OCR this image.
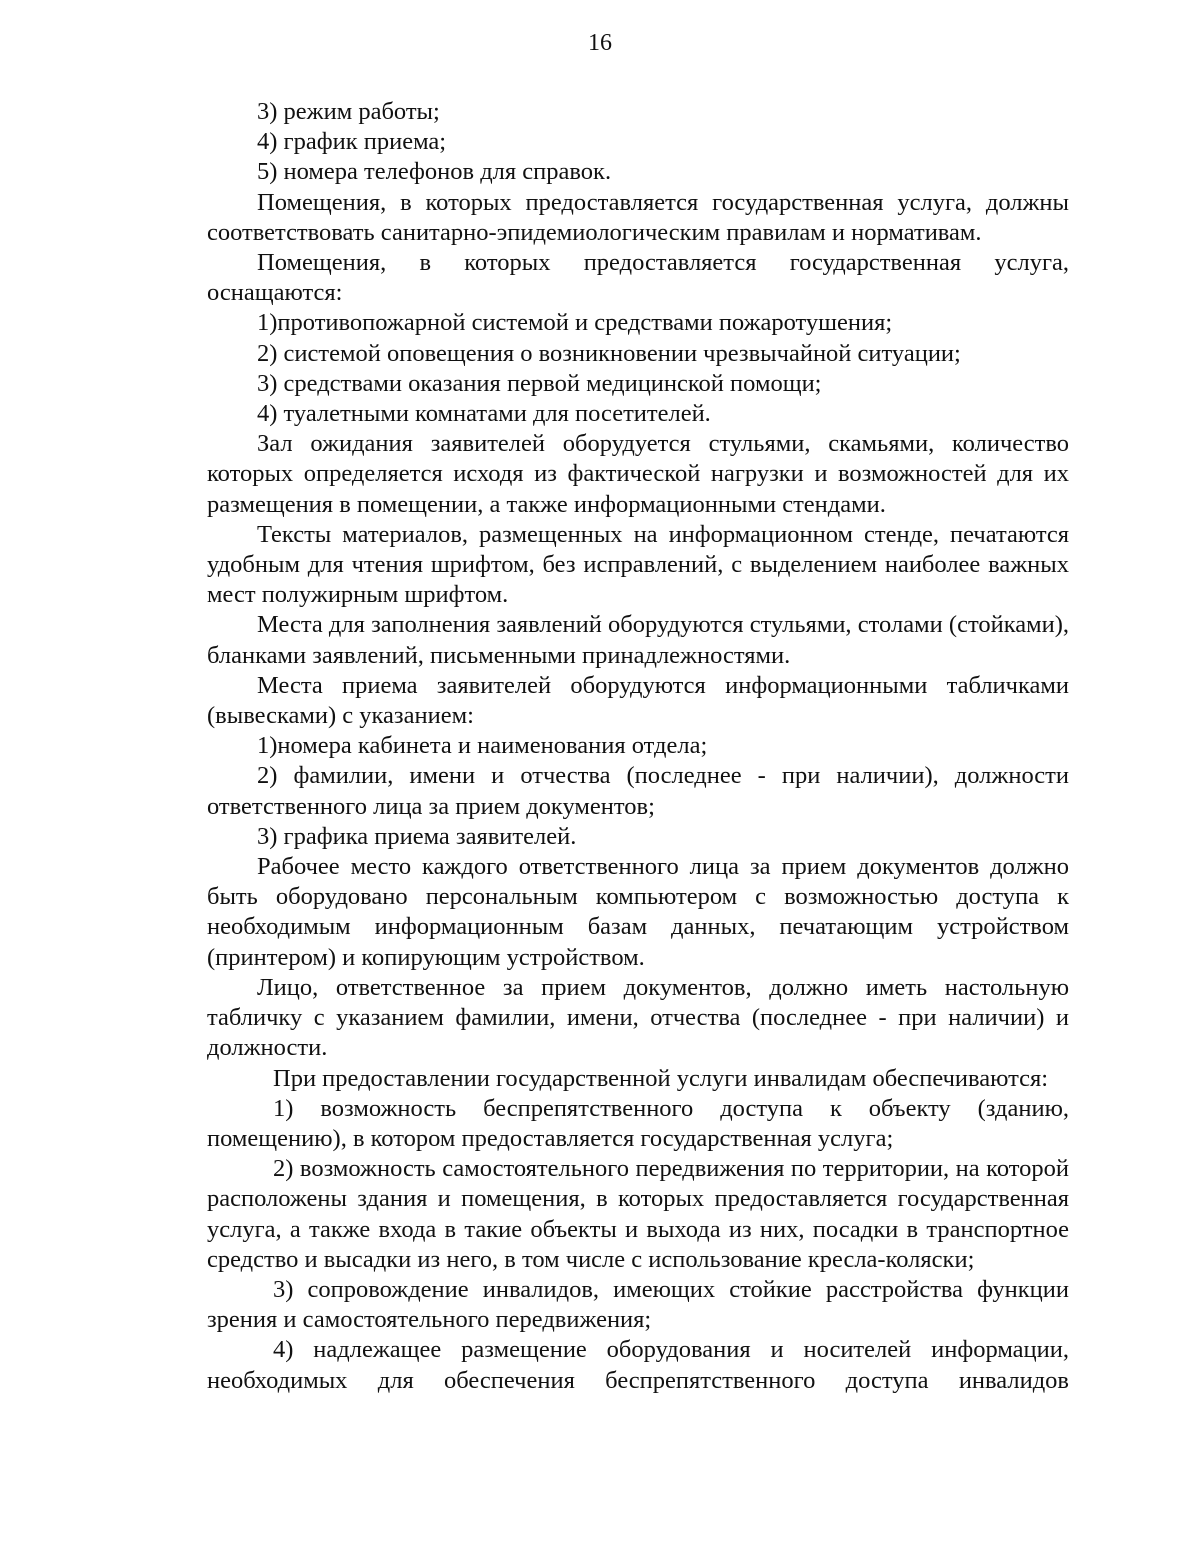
16

3) режим работы;

4) график приема;

5) номера телефонов для справок.

Помещения, в которых предоставляется государственная услуга, должны соответствовать санитарно-эпидемиологическим правилам и нормативам.

Помещения, в которых предоставляется государственная услуга, оснащаются:

1)противопожарной системой и средствами пожаротушения;

2) системой оповещения о возникновении чрезвычайной ситуации;

3) средствами оказания первой медицинской помощи;

4) туалетными комнатами для посетителей.

Зал ожидания заявителей оборудуется стульями, скамьями, количество которых определяется исходя из фактической нагрузки и возможностей для их размещения в помещении, а также информационными стендами.

Тексты материалов, размещенных на информационном стенде, печатаются удобным для чтения шрифтом, без исправлений, с выделением наиболее важных мест полужирным шрифтом.

Места для заполнения заявлений оборудуются стульями, столами (стойками), бланками заявлений, письменными принадлежностями.

Места приема заявителей оборудуются информационными табличками (вывесками) с указанием:

1)номера кабинета и наименования отдела;

2) фамилии, имени и отчества (последнее - при наличии), должности ответственного лица за прием документов;

3) графика приема заявителей.

Рабочее место каждого ответственного лица за прием документов должно быть оборудовано персональным компьютером с возможностью доступа к необходимым информационным базам данных, печатающим устройством (принтером) и копирующим устройством.

Лицо, ответственное за прием документов, должно иметь настольную табличку с указанием фамилии, имени, отчества (последнее - при наличии) и должности.

При предоставлении государственной услуги инвалидам обеспечиваются:

1) возможность беспрепятственного доступа к объекту (зданию, помещению), в котором предоставляется государственная услуга;

2) возможность самостоятельного передвижения по территории, на которой расположены здания и помещения, в которых предоставляется государственная услуга, а также входа в такие объекты и выхода из них, посадки в транспортное средство и высадки из него, в том числе с использование кресла-коляски;

3) сопровождение инвалидов, имеющих стойкие расстройства функции зрения и самостоятельного передвижения;

4) надлежащее размещение оборудования и носителей информации, необходимых для обеспечения беспрепятственного доступа инвалидов
